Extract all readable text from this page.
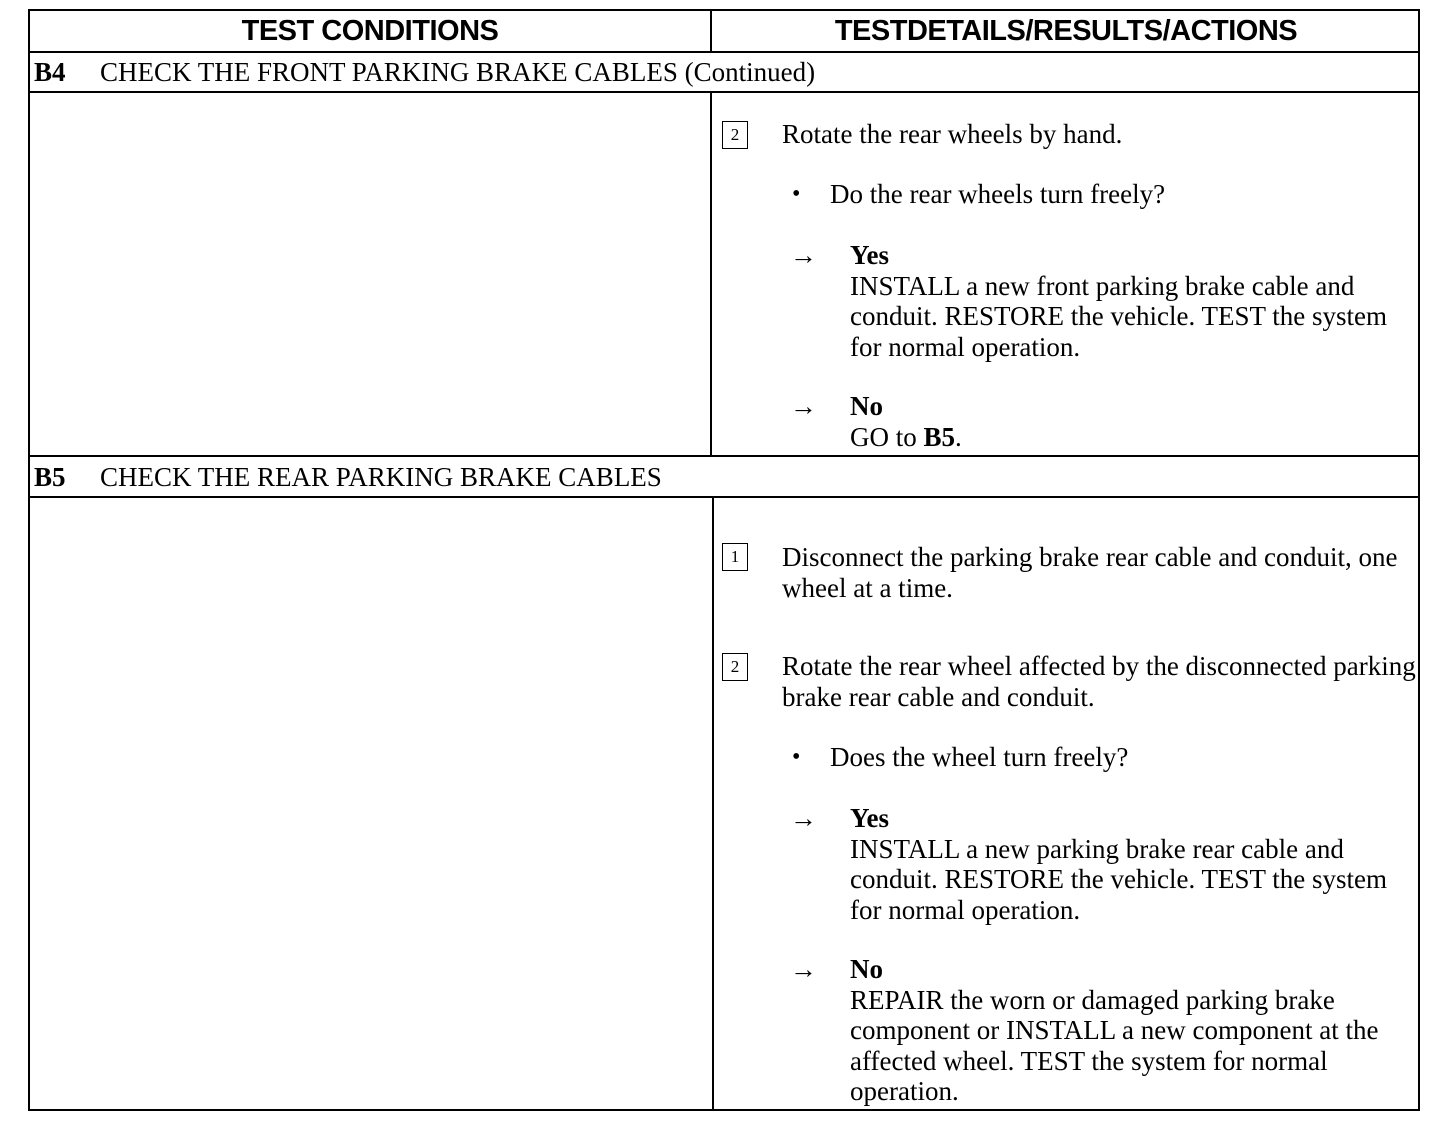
TEST CONDITIONS	TESTDETAILS/RESULTS/ACTIONS
B4	CHECK THE FRONT PARKING BRAKE CABLES (Continued)
2	Rotate the rear wheels by hand.
• Do the rear wheels turn freely?
→ Yes
INSTALL a new front parking brake cable and conduit. RESTORE the vehicle. TEST the system for normal operation.
→ No
GO to B5.
B5	CHECK THE REAR PARKING BRAKE CABLES
1	Disconnect the parking brake rear cable and conduit, one wheel at a time.
2	Rotate the rear wheel affected by the disconnected parking brake rear cable and conduit.
• Does the wheel turn freely?
→ Yes
INSTALL a new parking brake rear cable and conduit. RESTORE the vehicle. TEST the system for normal operation.
→ No
REPAIR the worn or damaged parking brake component or INSTALL a new component at the affected wheel. TEST the system for normal operation.
